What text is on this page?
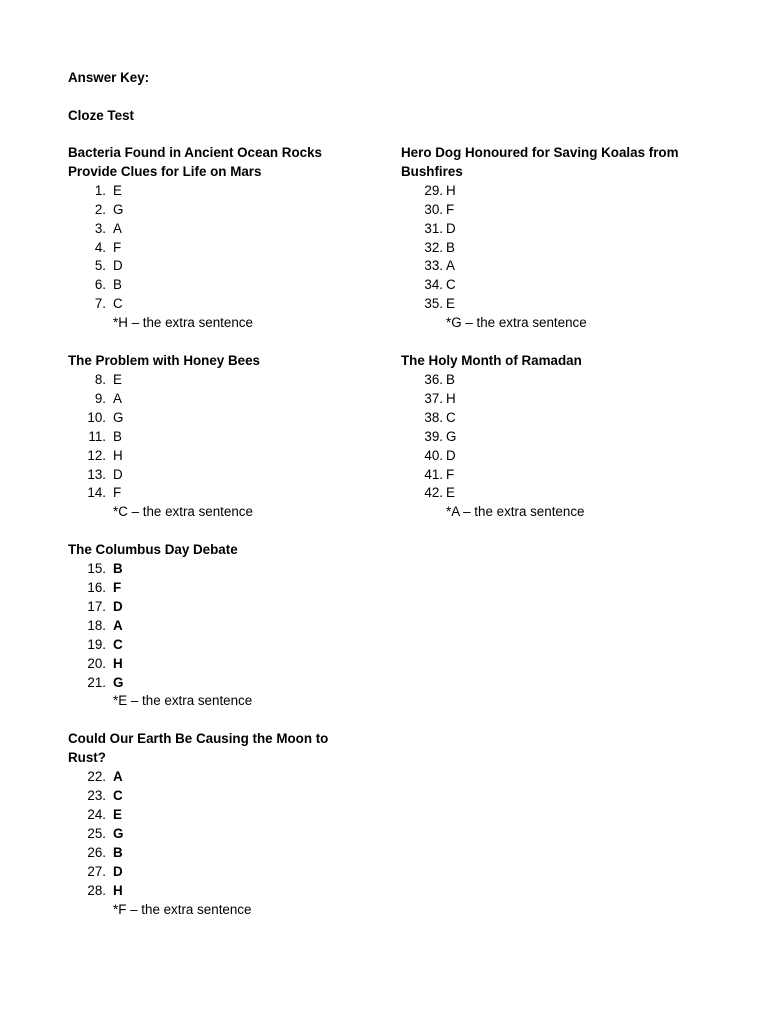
Answer Key:
Cloze Test
Bacteria Found in Ancient Ocean Rocks Provide Clues for Life on Mars
1. E
2. G
3. A
4. F
5. D
6. B
7. C
*H – the extra sentence
The Problem with Honey Bees
8. E
9. A
10. G
11. B
12. H
13. D
14. F
*C – the extra sentence
The Columbus Day Debate
15. B
16. F
17. D
18. A
19. C
20. H
21. G
*E – the extra sentence
Could Our Earth Be Causing the Moon to Rust?
22. A
23. C
24. E
25. G
26. B
27. D
28. H
*F – the extra sentence
Hero Dog Honoured for Saving Koalas from Bushfires
29. H
30. F
31. D
32. B
33. A
34. C
35. E
*G – the extra sentence
The Holy Month of Ramadan
36. B
37. H
38. C
39. G
40. D
41. F
42. E
*A – the extra sentence
